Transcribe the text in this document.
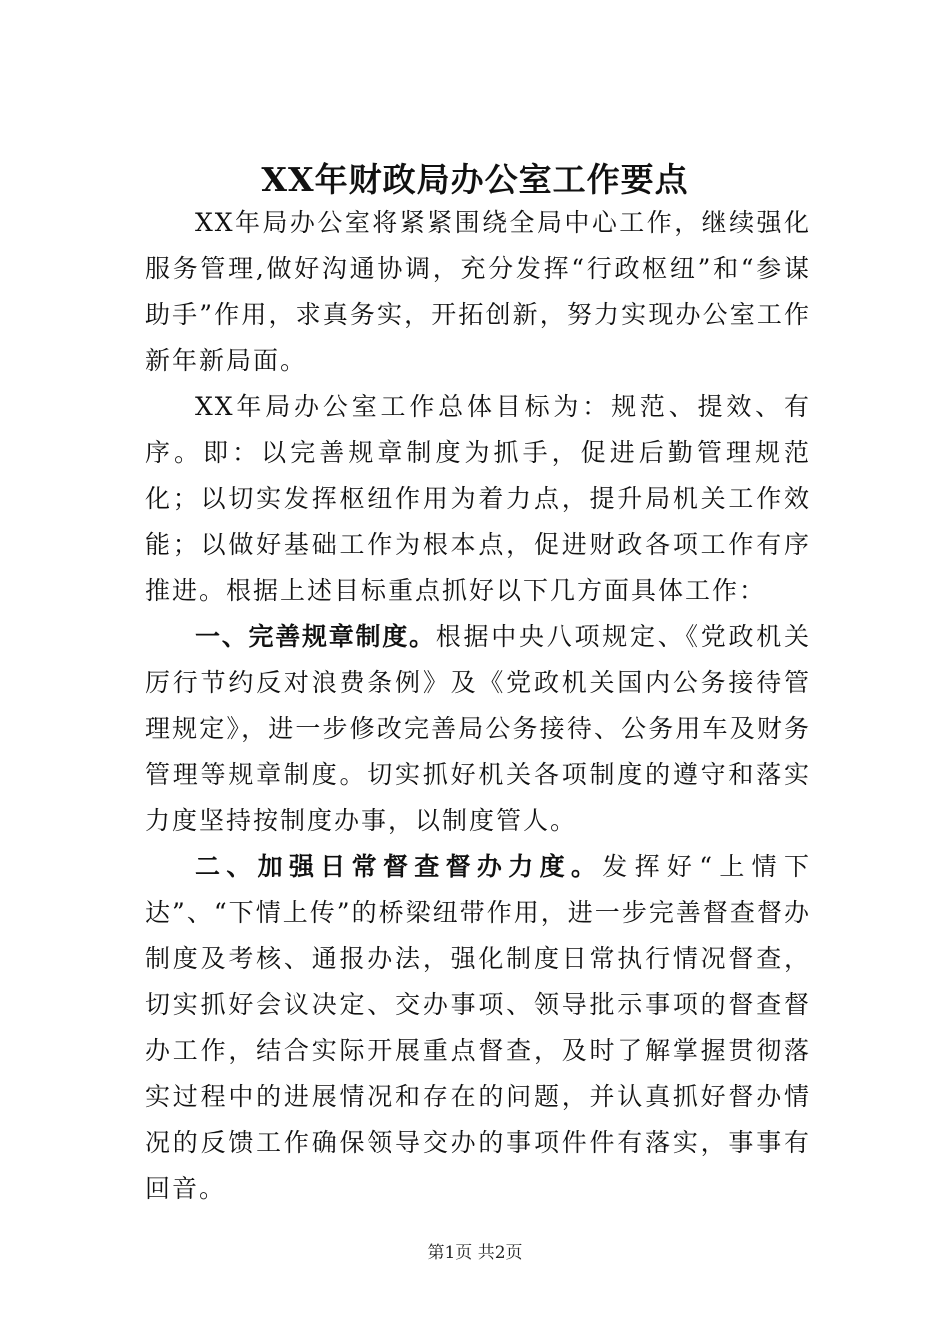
XX年财政局办公室工作要点

XX年局办公室将紧紧围绕全局中心工作，继续强化服务管理,做好沟通协调，充分发挥“行政枢纽”和“参谋助手”作用，求真务实，开拓创新，努力实现办公室工作新年新局面。

XX年局办公室工作总体目标为：规范、提效、有序。即：以完善规章制度为抓手，促进后勤管理规范化；以切实发挥枢纽作用为着力点，提升局机关工作效能；以做好基础工作为根本点，促进财政各项工作有序推进。根据上述目标重点抓好以下几方面具体工作：

一、完善规章制度。根据中央八项规定、《党政机关厉行节约反对浪费条例》及《党政机关国内公务接待管理规定》，进一步修改完善局公务接待、公务用车及财务管理等规章制度。切实抓好机关各项制度的遵守和落实力度坚持按制度办事，以制度管人。

二、加强日常督查督办力度。发挥好“上情下达”、“下情上传”的桥梁纽带作用，进一步完善督查督办制度及考核、通报办法，强化制度日常执行情况督查，切实抓好会议决定、交办事项、领导批示事项的督查督办工作，结合实际开展重点督查，及时了解掌握贯彻落实过程中的进展情况和存在的问题，并认真抓好督办情况的反馈工作确保领导交办的事项件件有落实，事事有回音。

第1页 共2页
